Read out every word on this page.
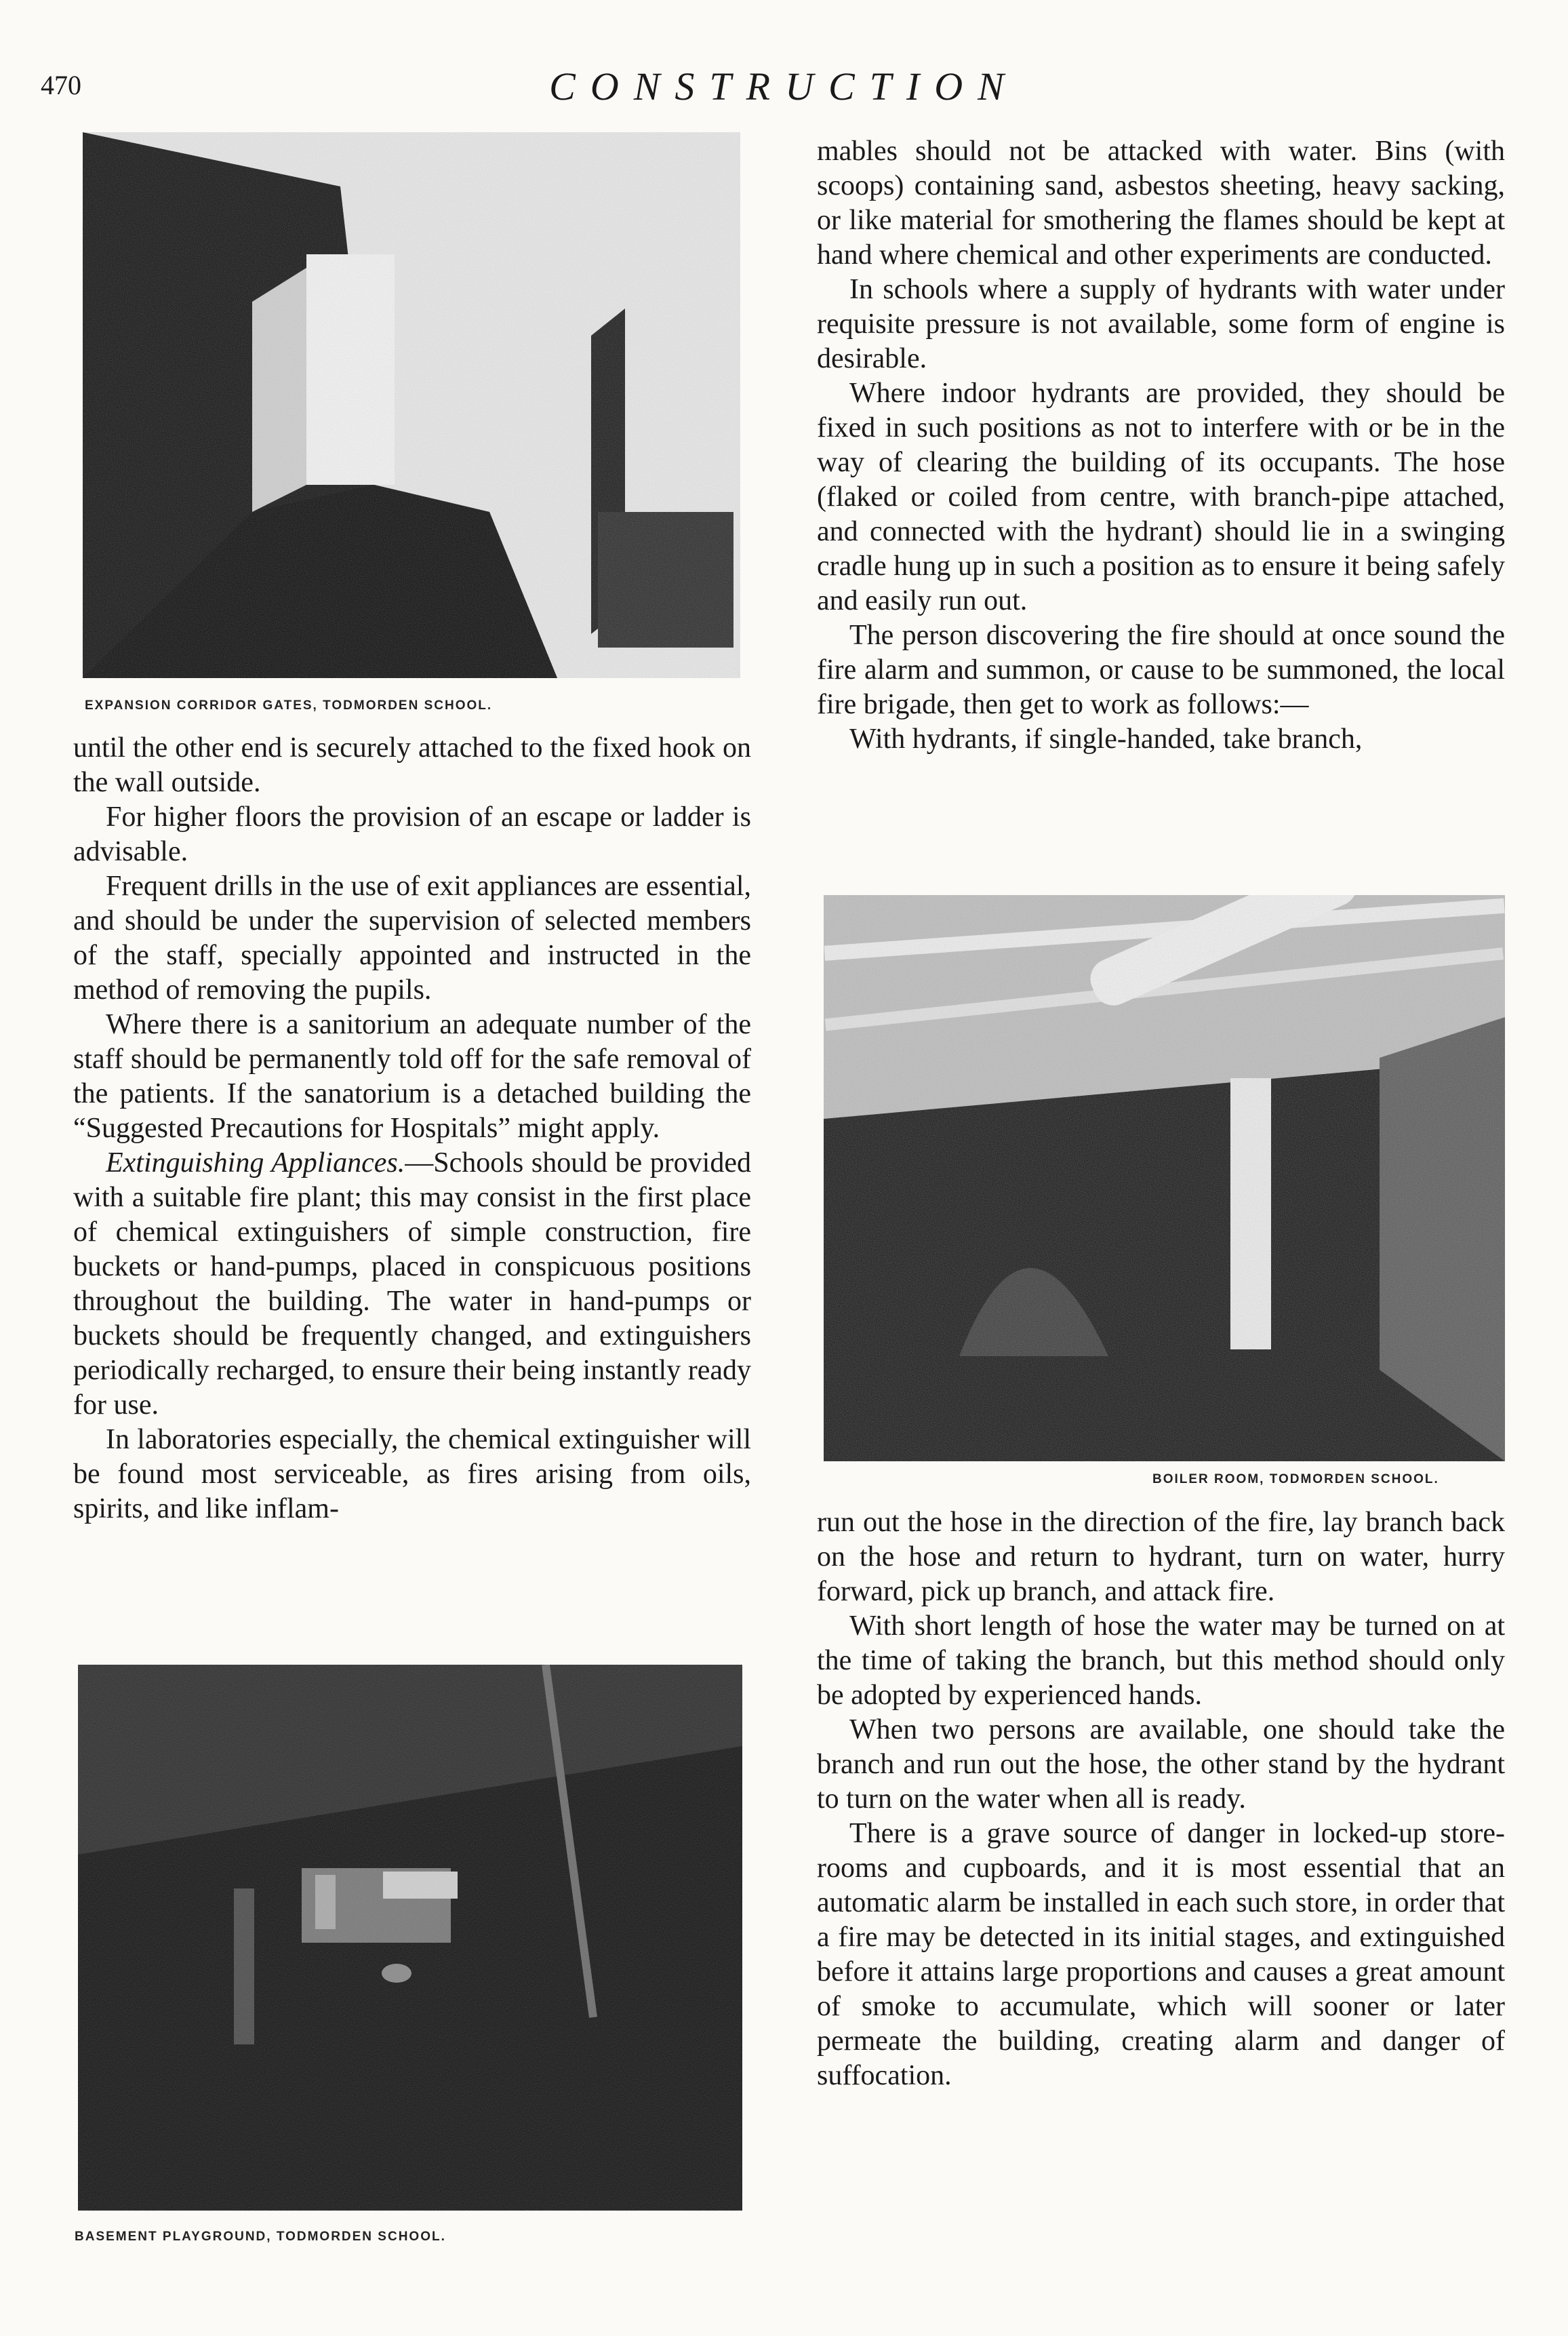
470	CONSTRUCTION
EXPANSION CORRIDOR GATES, TODMORDEN SCHOOL.
BOILER ROOM, TODMORDEN SCHOOL.
BASEMENT PLAYGROUND, TODMORDEN SCHOOL.

until the other end is securely attached to the fixed hook on the wall outside.

For higher floors the provision of an escape or ladder is advisable.

Frequent drills in the use of exit appliances are essential, and should be under the supervision of selected members of the staff, specially appointed and instructed in the method of removing the pupils.

Where there is a sanitorium an adequate number of the staff should be permanently told off for the safe removal of the patients. If the sanatorium is a detached building the “Suggested Precautions for Hospitals” might apply.

Extinguishing Appliances.—Schools should be provided with a suitable fire plant; this may consist in the first place of chemical extinguishers of simple construction, fire buckets or hand-pumps, placed in conspicuous positions throughout the building. The water in hand-pumps or buckets should be frequently changed, and extinguishers periodically recharged, to ensure their being instantly ready for use.

In laboratories especially, the chemical extinguisher will be found most serviceable, as fires arising from oils, spirits, and like inflam-

mables should not be attacked with water. Bins (with scoops) containing sand, asbestos sheeting, heavy sacking, or like material for smothering the flames should be kept at hand where chemical and other experiments are conducted.

In schools where a supply of hydrants with water under requisite pressure is not available, some form of engine is desirable.

Where indoor hydrants are provided, they should be fixed in such positions as not to interfere with or be in the way of clearing the building of its occupants. The hose (flaked or coiled from centre, with branch-pipe attached, and connected with the hydrant) should lie in a swinging cradle hung up in such a position as to ensure it being safely and easily run out.

The person discovering the fire should at once sound the fire alarm and summon, or cause to be summoned, the local fire brigade, then get to work as follows:—

With hydrants, if single-handed, take branch,

run out the hose in the direction of the fire, lay branch back on the hose and return to hydrant, turn on water, hurry forward, pick up branch, and attack fire.

With short length of hose the water may be turned on at the time of taking the branch, but this method should only be adopted by experienced hands.

When two persons are available, one should take the branch and run out the hose, the other stand by the hydrant to turn on the water when all is ready.

There is a grave source of danger in locked-up store-rooms and cupboards, and it is most essential that an automatic alarm be installed in each such store, in order that a fire may be detected in its initial stages, and extinguished before it attains large proportions and causes a great amount of smoke to accumulate, which will sooner or later permeate the building, creating alarm and danger of suffocation.
